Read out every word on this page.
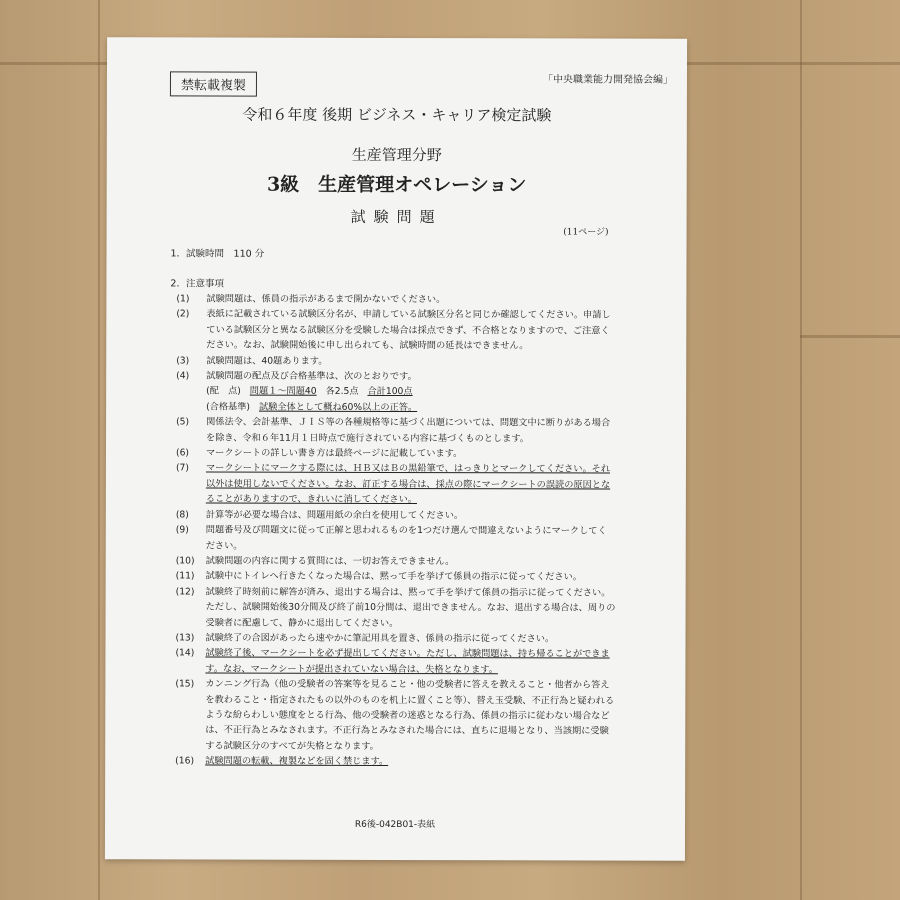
禁転載複製	「中央職業能力開発協会編」
令和６年度 後期 ビジネス・キャリア検定試験
生産管理分野
3級　生産管理オペレーション
試験問題
(11ページ)
1．試験時間　110 分
2．注意事項
(1)	試験問題は、係員の指示があるまで開かないでください。
(2)	表紙に記載されている試験区分名が、申請している試験区分名と同じか確認してください。申請している試験区分と異なる試験区分を受験した場合は採点できず、不合格となりますので、ご注意ください。なお、試験開始後に申し出られても、試験時間の延長はできません。
(3)	試験問題は、40題あります。
(4)	試験問題の配点及び合格基準は、次のとおりです。
(配　点) 問題１～問題40 各2.5点 合計100点
(合格基準) 試験全体として概ね60%以上の正答。
(5)	関係法令、会計基準、ＪＩＳ等の各種規格等に基づく出題については、問題文中に断りがある場合を除き、令和６年11月１日時点で施行されている内容に基づくものとします。
(6)	マークシートの詳しい書き方は最終ページに記載しています。
(7)	マークシートにマークする際には、ＨＢ又はＢの黒鉛筆で、はっきりとマークしてください。それ以外は使用しないでください。なお、訂正する場合は、採点の際にマークシートの誤読の原因となることがありますので、きれいに消してください。
(8)	計算等が必要な場合は、問題用紙の余白を使用してください。
(9)	問題番号及び問題文に従って正解と思われるものを1つだけ選んで間違えないようにマークしてください。
(10)	試験問題の内容に関する質問には、一切お答えできません。
(11)	試験中にトイレへ行きたくなった場合は、黙って手を挙げて係員の指示に従ってください。
(12)	試験終了時刻前に解答が済み、退出する場合は、黙って手を挙げて係員の指示に従ってください。ただし、試験開始後30分間及び終了前10分間は、退出できません。なお、退出する場合は、周りの受験者に配慮して、静かに退出してください。
(13)	試験終了の合図があったら速やかに筆記用具を置き、係員の指示に従ってください。
(14)	試験終了後、マークシートを必ず提出してください。ただし、試験問題は、持ち帰ることができます。なお、マークシートが提出されていない場合は、失格となります。
(15)	カンニング行為（他の受験者の答案等を見ること・他の受験者に答えを教えること・他者から答えを教わること・指定されたもの以外のものを机上に置くこと等）、替え玉受験、不正行為と疑われるような紛らわしい態度をとる行為、他の受験者の迷惑となる行為、係員の指示に従わない場合などは、不正行為とみなされます。不正行為とみなされた場合には、直ちに退場となり、当該期に受験する試験区分のすべてが失格となります。
(16)	試験問題の転載、複製などを固く禁じます。
R6後-042B01-表紙
